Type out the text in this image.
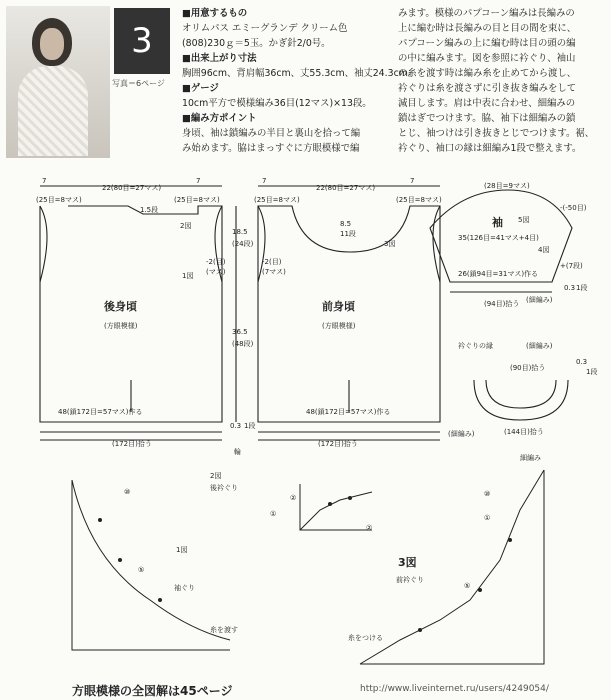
3
写真＝6ページ
■用意するもの
オリムパス エミーグランデ クリーム色
(808)230ｇ＝5玉。かぎ針2/0号。
■出来上がり寸法
胸囲96cm、背肩幅36cm、丈55.3cm、袖丈24.3cm。
■ゲージ
10cm平方で模様編み36目(12マス)×13段。
■編み方ポイント
身頃、袖は鎖編みの半目と裏山を拾って編
み始めます。脇はまっすぐに方眼模様で編
みます。模様のパプコーン編みは長編みの
上に編む時は長編みの目と目の間を束に、
パプコーン編みの上に編む時は目の頭の編
の中に編みます。図を参照に衿ぐり、袖山
の糸を渡す時は編み糸を止めてから渡し、
衿ぐりは糸を渡さずに引き抜き編みをして
減目します。肩は中表に合わせ、細編みの
鎖はぎでつけます。脇、袖下は細編みの鎖
とじ、袖つけは引き抜きとじでつけます。裾、
衿ぐり、袖口の縁は細編み1段で整えます。
7
(25目=8マス)
22(80目=27マス)
7
(25目=8マス)
1.5段
2図
-2(目)
(マス)
1図
後身頃
(方眼模様)
48(鎖172目=57マス)作る
(172目)拾う
18.5
(24段)
36.5
(48段)
0.3 1段
輪
7
(25目=8マス)
22(80目=27マス)
7
(25目=8マス)
8.5
11段
3図
-2(目)
(7マス)
前身頃
(方眼模様)
48(鎖172目=57マス)作る
(172目)拾う
(細編み)
(28目=9マス)
袖 5図
-(-50目)
35(126目=41マス+4目)
4図
+(7段)
26(鎖94目=31マス)作る
0.3 1段
(細編み)
(94目)拾う
衿ぐりの縁	(細編み)
(90目)拾う
(144目)拾う
0.3
1段
⑩
1図
⑤
袖ぐり
糸を渡す
2図
後衿ぐり
②
①
②
細編み
⑩
⑤
①
3図
前衿ぐり
糸をつける
方眼模様の全図解は45ページ	http://www.liveinternet.ru/users/4249054/
